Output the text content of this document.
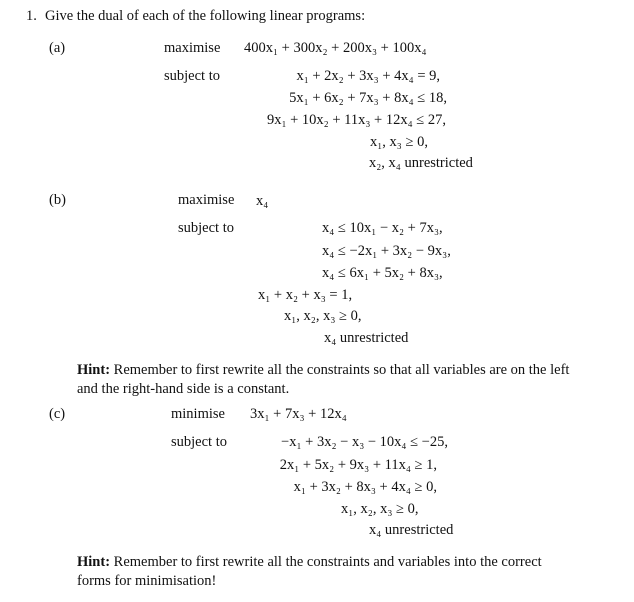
1. Give the dual of each of the following linear programs:
(a)	maximise 400x₁ + 300x₂ + 200x₃ + 100x₄
subject to	x₁ + 2x₂ + 3x₃ + 4x₄ = 9,
5x₁ + 6x₂ + 7x₃ + 8x₄ ≤ 18,
9x₁ + 10x₂ + 11x₃ + 12x₄ ≤ 27,
x₁, x₃ ≥ 0,
x₂, x₄ unrestricted
(b)	maximise x₄
subject to	x₄ ≤ 10x₁ − x₂ + 7x₃,
x₄ ≤ −2x₁ + 3x₂ − 9x₃,
x₄ ≤ 6x₁ + 5x₂ + 8x₃,
x₁ + x₂ + x₃ = 1,
x₁, x₂, x₃ ≥ 0,
x₄ unrestricted
Hint: Remember to first rewrite all the constraints so that all variables are on the left and the right-hand side is a constant.
(c)	minimise 3x₁ + 7x₃ + 12x₄
subject to	−x₁ + 3x₂ − x₃ − 10x₄ ≤ −25,
2x₁ + 5x₂ + 9x₃ + 11x₄ ≥ 1,
x₁ + 3x₂ + 8x₃ + 4x₄ ≥ 0,
x₁, x₂, x₃ ≥ 0,
x₄ unrestricted
Hint: Remember to first rewrite all the constraints and variables into the correct forms for minimisation!
